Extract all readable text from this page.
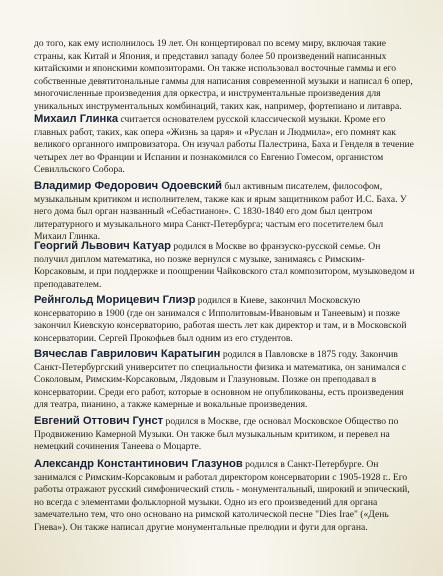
до того, как ему исполнилось 19 лет. Он концертировал по всему миру, включая такие страны, как Китай и Япония, и представил западу более 50 произведений написанных китайскими и японскими композиторами. Он также использовал восточные гаммы и его собственные девятитональные гаммы для написания современной музыки и написал 6 опер, многочисленные произведения для оркестра, и инструментальные произведения для уникальных инструментальных комбинаций, таких как, например, фортепиано и литавра.

Михаил Глинка считается основателем русской классической музыки. Кроме его главных работ, таких, как опера «Жизнь за царя» и «Руслан и Людмила», его помнят как великого органного импровизатора. Он изучал работы Палестрина, Баха и Генделя в течение четырех лет во Франции и Испании и познакомился со Евгенио Гомесом, органистом Севилльского Собора.

Владимир Федорович Одоевский был активным писателем, философом, музыкальным критиком и исполнителем, также как и ярым защитником работ И.С. Баха. У него дома был орган названный «Себастианон». С 1830-1840 его дом был центром литературного и музыкального мира Санкт-Петербурга; частым его посетителем был Михаил Глинка.

Георгий Львович Катуар родился в Москве во франзуско-русской семье. Он получил диплом математика, но позже вернулся с музыке, занимаясь с Римским-Корсаковым, и при поддержке и поощрении Чайковского стал композитором, музыковедом и преподавателем.

Рейнгольд Морицевич Глиэр родился в Киеве, закончил Московскую консерваторию в 1900 (где он занимался с Ипполитовым-Ивановым и Танеевым) и позже закончил Киевскую консерваторию, работая шесть лет как директор и там, и в Московской консерватории. Сергей Прокофьев был одним из его студентов.

Вячеслав Гаврилович Каратыгин родился в Павловске в 1875 году. Закончив Санкт-Петербургский университет по специальности физика и математика, он занимался с Соколовым, Римским-Корсаковым, Лядовым и Глазуновым. Позже он преподавал в консерватории. Среди его работ, которые в основном не опубликованы, есть произведения для театра, пианино, а также камерные и вокальные произведения.

Евгений Оттович Гунст родился в Москве, где основал Московское Общество по Продвижению Камерной Музыки. Он также был музыкальным критиком, и перевел на немецкий сочинения Танеева о Моцарте.

Александр Константинович Глазунов родился в Санкт-Петербурге. Он занимался с Римским-Корсаковым и работал директором консерватории с 1905-1928 г.. Его работы отражают русский симфонический стиль - монументальный, широкий и эпический, но всегда с элементами фольклорной музыки. Одно из его произведений для органа замечательно тем, что оно основано на римской католической песне "Dies Irae" («День Гнева»). Он также написал другие монументальные прелюдии и фуги для органа.
